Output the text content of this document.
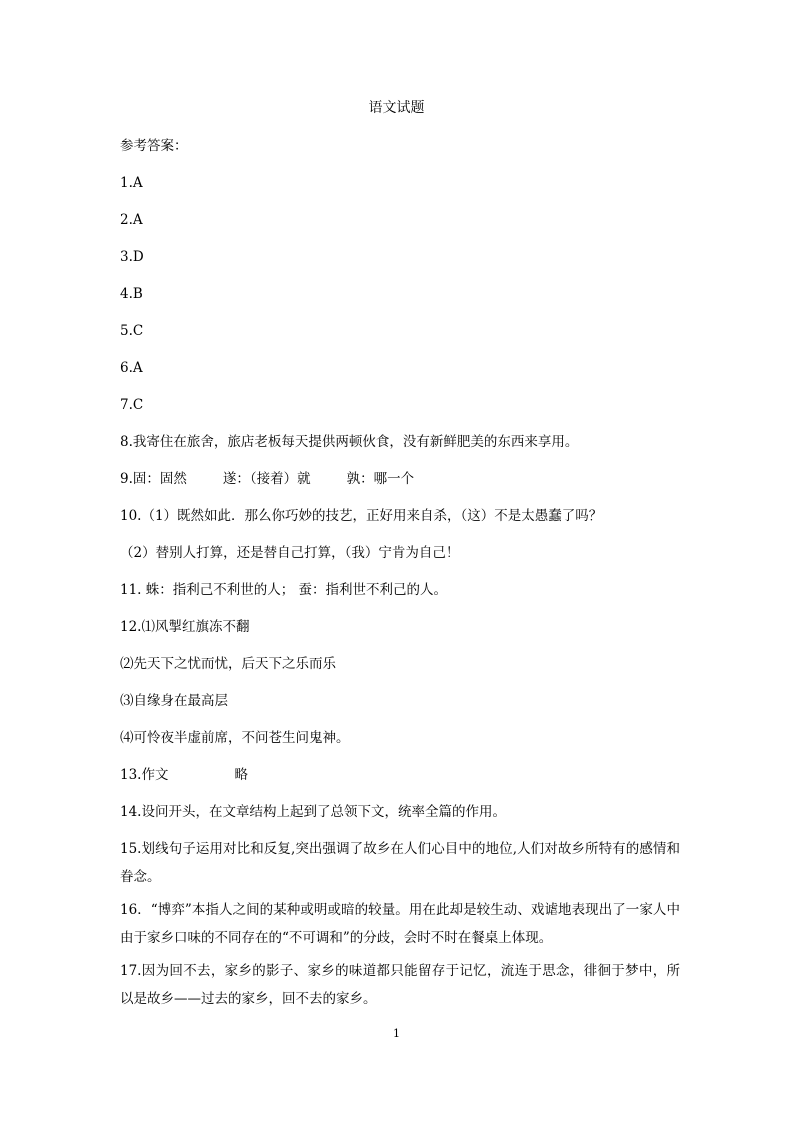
语文试题
参考答案：
1.A
2.A
3.D
4.B
5.C
6.A
7.C
8.我寄住在旅舍，旅店老板每天提供两顿伙食，没有新鲜肥美的东西来享用。
9.固：固然	遂：（接着）就	孰：哪一个
10.（1）既然如此．那么你巧妙的技艺，正好用来自杀，（这）不是太愚蠢了吗？
（2）替别人打算，还是替自己打算，（我）宁肯为自己！
11. 蛛：指利己不利世的人； 蚕：指利世不利己的人。
12.⑴风掣红旗冻不翻
⑵先天下之忧而忧，后天下之乐而乐
⑶自缘身在最高层
⑷可怜夜半虚前席，不问苍生问鬼神。
13.作文	略
14.设问开头，在文章结构上起到了总领下文，统率全篇的作用。
15.划线句子运用对比和反复,突出强调了故乡在人们心目中的地位,人们对故乡所特有的感情和眷念。
16．“博弈”本指人之间的某种或明或暗的较量。用在此却是较生动、戏谑地表现出了一家人中由于家乡口味的不同存在的“不可调和”的分歧，会时不时在餐桌上体现。
17.因为回不去，家乡的影子、家乡的味道都只能留存于记忆，流连于思念，徘徊于梦中，所以是故乡——过去的家乡，回不去的家乡。
1
